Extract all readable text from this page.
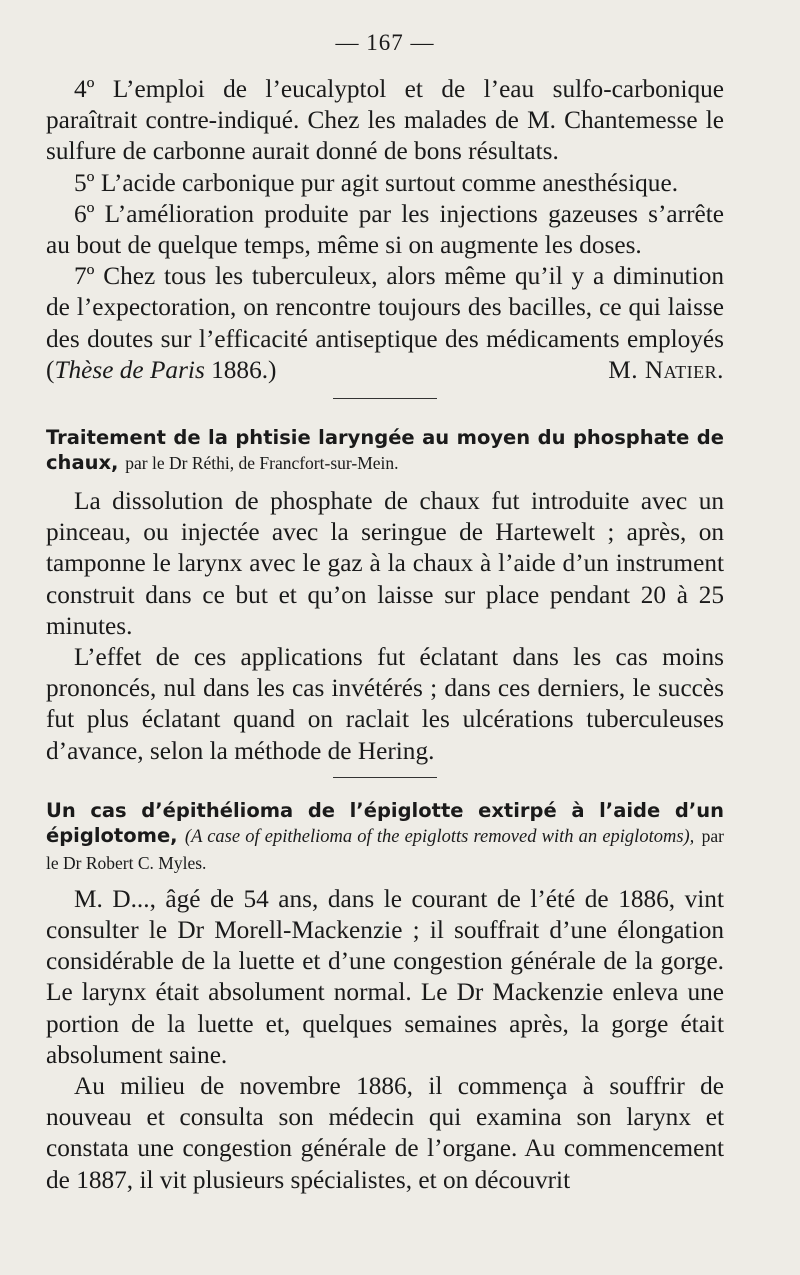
— 167 —

4º L’emploi de l’eucalyptol et de l’eau sulfo-carbonique paraîtrait contre-indiqué. Chez les malades de M. Chantemesse le sulfure de carbonne aurait donné de bons résultats.

5º L’acide carbonique pur agit surtout comme anesthésique.

6º L’amélioration produite par les injections gazeuses s’arrête au bout de quelque temps, même si on augmente les doses.

7º Chez tous les tuberculeux, alors même qu’il y a diminution de l’expectoration, on rencontre toujours des bacilles, ce qui laisse des doutes sur l’efficacité antiseptique des médicaments employés (Thèse de Paris 1886.)	M. Natier.

Traitement de la phtisie laryngée au moyen du phosphate de chaux, par le Dr Réthi, de Francfort-sur-Mein.

La dissolution de phosphate de chaux fut introduite avec un pinceau, ou injectée avec la seringue de Hartewelt ; après, on tamponne le larynx avec le gaz à la chaux à l’aide d’un instrument construit dans ce but et qu’on laisse sur place pendant 20 à 25 minutes.

L’effet de ces applications fut éclatant dans les cas moins prononcés, nul dans les cas invétérés ; dans ces derniers, le succès fut plus éclatant quand on raclait les ulcérations tuberculeuses d’avance, selon la méthode de Hering.

Un cas d’épithélioma de l’épiglotte extirpé à l’aide d’un épiglotome, (A case of epithelioma of the epiglotts removed with an epiglotoms), par le Dr Robert C. Myles.

M. D..., âgé de 54 ans, dans le courant de l’été de 1886, vint consulter le Dr Morell-Mackenzie ; il souffrait d’une élongation considérable de la luette et d’une congestion générale de la gorge. Le larynx était absolument normal. Le Dr Mackenzie enleva une portion de la luette et, quelques semaines après, la gorge était absolument saine.

Au milieu de novembre 1886, il commença à souffrir de nouveau et consulta son médecin qui examina son larynx et constata une congestion générale de l’organe. Au commencement de 1887, il vit plusieurs spécialistes, et on découvrit
